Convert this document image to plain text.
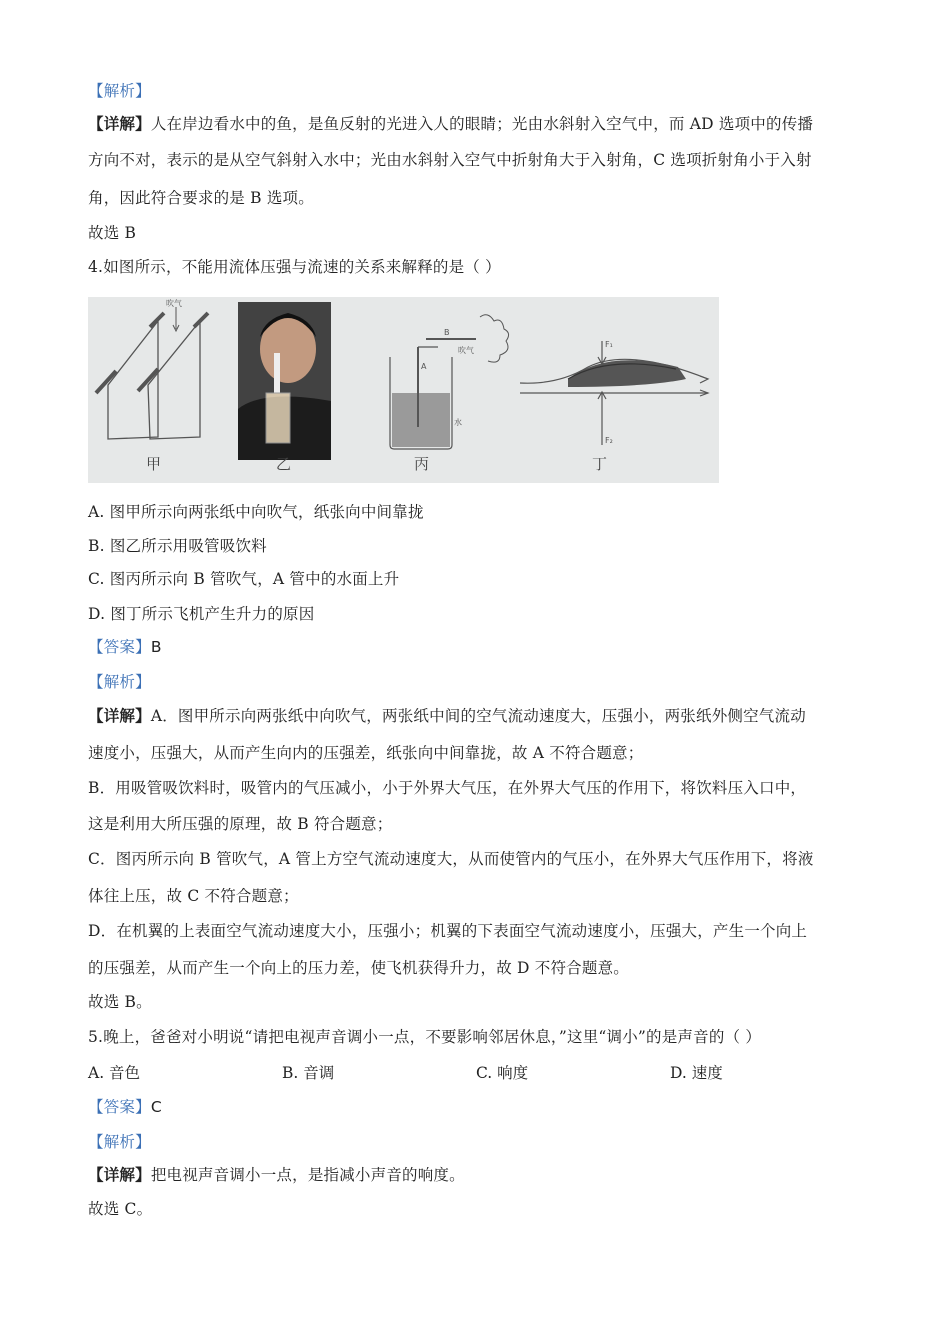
【解析】
【详解】人在岸边看水中的鱼，是鱼反射的光进入人的眼睛；光由水斜射入空气中，而 AD 选项中的传播
方向不对，表示的是从空气斜射入水中；光由水斜射入空气中折射角大于入射角，C 选项折射角小于入射
角，因此符合要求的是 B 选项。
故选 B
4.如图所示，不能用流体压强与流速的关系来解释的是（ ）
吹气
甲	乙
B
A
吹气
水
丙
F₁
F₂
丁
A. 图甲所示向两张纸中向吹气，纸张向中间靠拢
B. 图乙所示用吸管吸饮料
C. 图丙所示向 B 管吹气，A 管中的水面上升
D. 图丁所示飞机产生升力的原因
【答案】B
【解析】
【详解】A．图甲所示向两张纸中向吹气，两张纸中间的空气流动速度大，压强小，两张纸外侧空气流动
速度小，压强大，从而产生向内的压强差，纸张向中间靠拢，故 A 不符合题意；
B．用吸管吸饮料时，吸管内的气压减小，小于外界大气压，在外界大气压的作用下，将饮料压入口中，
这是利用大所压强的原理，故 B 符合题意；
C．图丙所示向 B 管吹气，A 管上方空气流动速度大，从而使管内的气压小，在外界大气压作用下，将液
体往上压，故 C 不符合题意；
D．在机翼的上表面空气流动速度大小，压强小；机翼的下表面空气流动速度小，压强大，产生一个向上
的压强差，从而产生一个向上的压力差，使飞机获得升力，故 D 不符合题意。
故选 B。
5.晚上，爸爸对小明说“请把电视声音调小一点，不要影响邻居休息，”这里“调小”的是声音的（ ）
A. 音色	B. 音调	C. 响度	D. 速度
【答案】C
【解析】
【详解】把电视声音调小一点，是指减小声音的响度。
故选 C。
